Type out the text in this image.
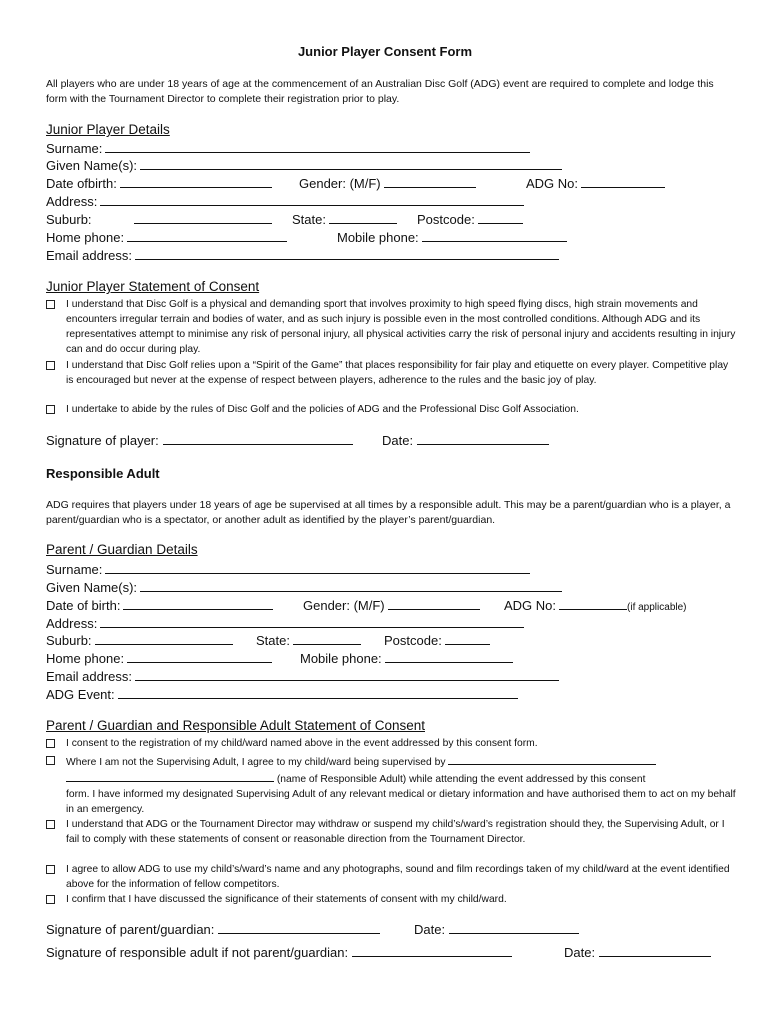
Junior Player Consent Form
All players who are under 18 years of age at the commencement of an Australian Disc Golf (ADG) event are required to complete and lodge this form with the Tournament Director to complete their registration prior to play.
Junior Player Details
Surname:
Given Name(s):
Date ofbirth:	Gender: (M/F)	ADG No:
Address:
Suburb:	State:	Postcode:
Home phone:	Mobile phone:
Email address:
Junior Player Statement of Consent
I understand that Disc Golf is a physical and demanding sport that involves proximity to high speed flying discs, high strain movements and encounters irregular terrain and bodies of water, and as such injury is possible even in the most controlled conditions. Although ADG and its representatives attempt to minimise any risk of personal injury, all physical activities carry the risk of personal injury and accidents resulting in injury can and do occur during play.
I understand that Disc Golf relies upon a “Spirit of the Game” that places responsibility for fair play and etiquette on every player. Competitive play is encouraged but never at the expense of respect between players, adherence to the rules and the basic joy of play.
I undertake to abide by the rules of Disc Golf and the policies of ADG and the Professional Disc Golf Association.
Signature of player:	Date:
Responsible Adult
ADG requires that players under 18 years of age be supervised at all times by a responsible adult. This may be a parent/guardian who is a player, a parent/guardian who is a spectator, or another adult as identified by the player’s parent/guardian.
Parent / Guardian Details
Surname:
Given Name(s):
Date of birth:	Gender: (M/F)	ADG No:	(if applicable)
Address:
Suburb:	State:	Postcode:
Home phone:	Mobile phone:
Email address:
ADG Event:
Parent / Guardian and Responsible Adult Statement of Consent
I consent to the registration of my child/ward named above in the event addressed by this consent form.
Where I am not the Supervising Adult, I agree to my child/ward being supervised by
(name of Responsible Adult) while attending the event addressed by this consent
form. I have informed my designated Supervising Adult of any relevant medical or dietary information and have authorised them to act on my behalf in an emergency.
I understand that ADG or the Tournament Director may withdraw or suspend my child’s/ward’s registration should they, the Supervising Adult, or I fail to comply with these statements of consent or reasonable direction from the Tournament Director.
I agree to allow ADG to use my child’s/ward’s name and any photographs, sound and film recordings taken of my child/ward at the event identified above for the information of fellow competitors.
I confirm that I have discussed the significance of their statements of consent with my child/ward.
Signature of parent/guardian:	Date:
Signature of responsible adult if not parent/guardian:	Date:
